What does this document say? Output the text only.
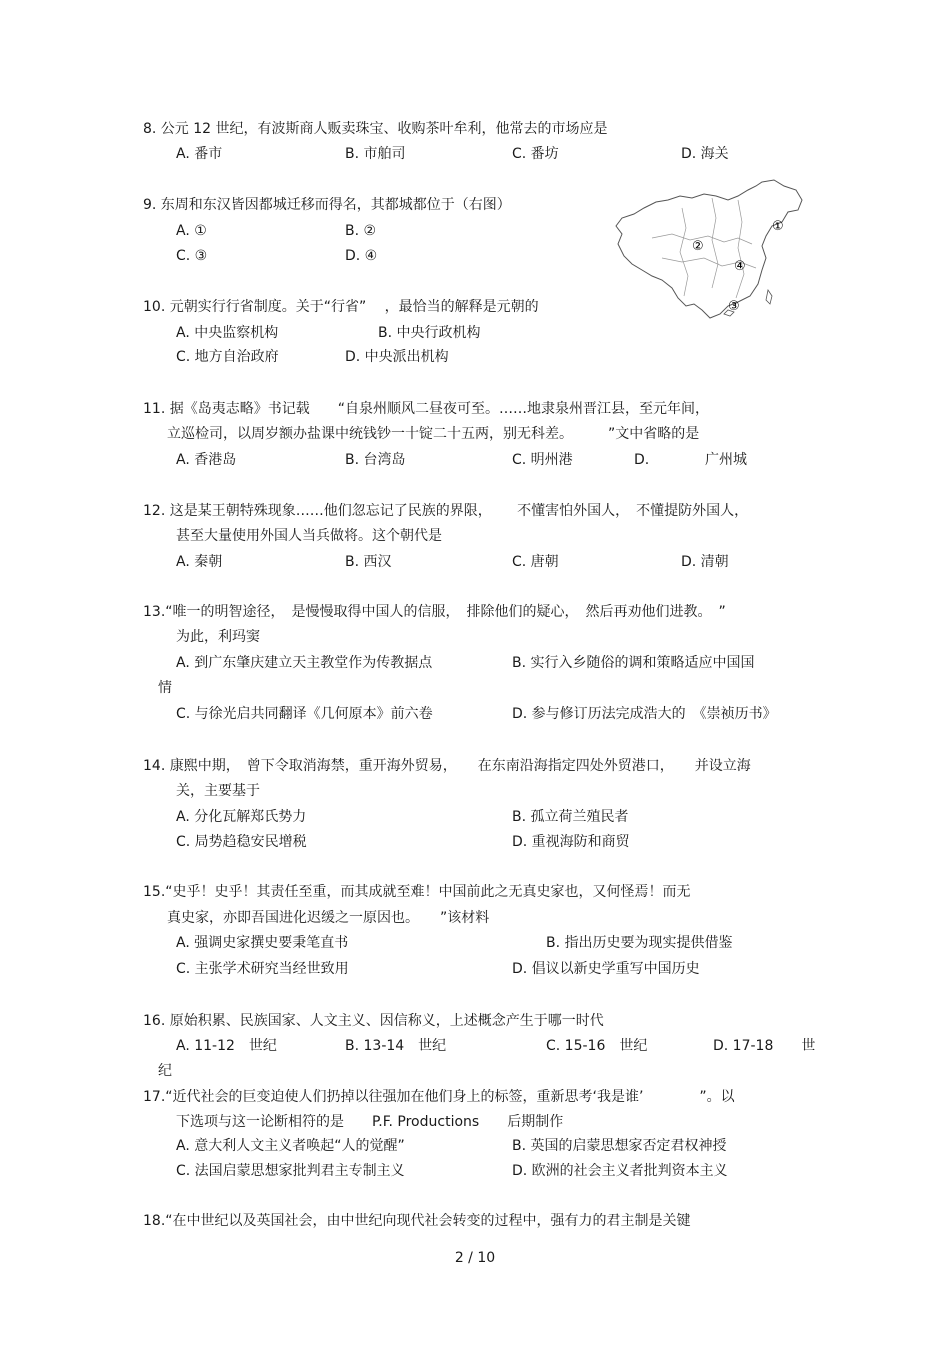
8. 公元 12 世纪，有波斯商人贩卖珠宝、收购茶叶牟利，他常去的市场应是
A. 番市	B. 市舶司	C. 番坊	D. 海关
9. 东周和东汉皆因都城迁移而得名，其都城都位于（右图）
A. ①	B. ②
C. ③	D. ④
①
②
③
④
10. 元朝实行行省制度。关于“行省”　 ，最恰当的解释是元朝的
A. 中央监察机构	B. 中央行政机构
C. 地方自治政府	D. 中央派出机构
11. 据《岛夷志略》书记载　　“自泉州顺风二昼夜可至。……地隶泉州晋江县，至元年间，
立巡检司，以周岁额办盐课中统钱钞一十锭二十五两，别无科差。　　　”文中省略的是
A. 香港岛	B. 台湾岛	C. 明州港	D.	广州城
12. 这是某王朝特殊现象……他们忽忘记了民族的界限，　　 不懂害怕外国人，　不懂提防外国人，
甚至大量使用外国人当兵做将。这个朝代是
A. 秦朝	B. 西汉	C. 唐朝	D. 清朝
13.“唯一的明智途径，　是慢慢取得中国人的信服，　排除他们的疑心，　然后再劝他们进教。　”
为此，利玛窦
A. 到广东肇庆建立天主教堂作为传教据点	B. 实行入乡随俗的调和策略适应中国国
情
C. 与徐光启共同翻译《几何原本》前六卷	D. 参与修订历法完成浩大的　《崇祯历书》
14. 康熙中期，　曾下令取消海禁，重开海外贸易，　　在东南沿海指定四处外贸港口，　　并设立海
关，主要基于
A. 分化瓦解郑氏势力	B. 孤立荷兰殖民者
C. 局势趋稳安民增税	D. 重视海防和商贸
15.“史乎！史乎！其责任至重，而其成就至难！中国前此之无真史家也，又何怪焉！而无
真史家，亦即吾国进化迟缓之一原因也。　　”该材料
A. 强调史家撰史要秉笔直书	B. 指出历史要为现实提供借鉴
C. 主张学术研究当经世致用	D. 倡议以新史学重写中国历史
16. 原始积累、民族国家、人文主义、因信称义，上述概念产生于哪一时代
A. 11-12　世纪	B. 13-14　世纪	C. 15-16　世纪	D. 17-18　　世
纪
17.“近代社会的巨变迫使人们扔掉以往强加在他们身上的标签，重新思考‘我是谁’　　　　”。以
下选项与这一论断相符的是　　P.F. Productions　　后期制作
A. 意大利人文主义者唤起“人的觉醒”	B. 英国的启蒙思想家否定君权神授
C. 法国启蒙思想家批判君主专制主义	D. 欧洲的社会主义者批判资本主义
18.“在中世纪以及英国社会，由中世纪向现代社会转变的过程中，强有力的君主制是关键
2 / 10
